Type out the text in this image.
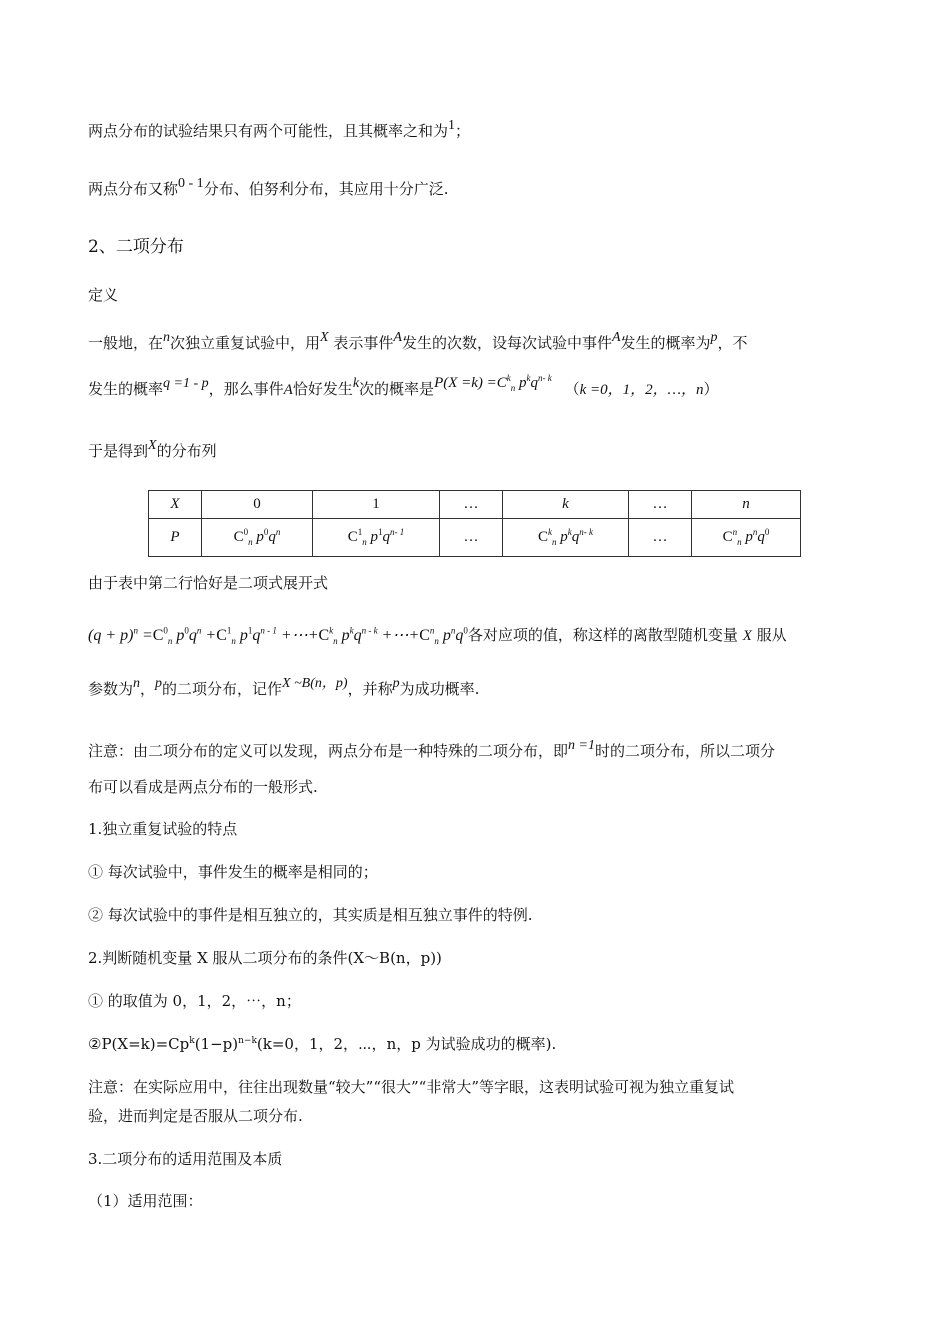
两点分布的试验结果只有两个可能性，且其概率之和为1；
两点分布又称0 - 1分布、伯努利分布，其应用十分广泛.
2、二项分布
定义
一般地，在n次独立重复试验中，用X 表示事件A发生的次数，设每次试验中事件A发生的概率为p，不
发生的概率q =1 - p，那么事件A恰好发生k次的概率是$P(X =k) =C^k_n$ $p^kq^{n- k}$ （k =0，1，2，…，n）
于是得到X的分布列
X	0	1	…	k	…	n
P	$C^0_n$ $p^0q^n$	$C^1_n$ $p^1q^{n- 1}$	…	$C^k_n$ $p^kq^{n- k}$	…	$C^n_n$ $p^nq^0$
由于表中第二行恰好是二项式展开式
$(q + p)^n =C^0_n$ $p^0q^n +C^1_n$ $p^1q^{n - 1}$ $+\cdots+C^k_n$ $p^kq^{n - k}$ $+\cdots+C^n_n$ $p^nq^0$各对应项的值，称这样的离散型随机变量 X 服从
参数为n，p的二项分布，记作X ~B(n，p)，并称p为成功概率.
注意：由二项分布的定义可以发现，两点分布是一种特殊的二项分布，即n =1时的二项分布，所以二项分
布可以看成是两点分布的一般形式.
1.独立重复试验的特点
① 每次试验中，事件发生的概率是相同的；
② 每次试验中的事件是相互独立的，其实质是相互独立事件的特例.
2.判断随机变量 X 服从二项分布的条件(X～B(n，p))
① 的取值为 0，1，2，⋯，n；
$②P(X=k)=Cp^k(1-p)^{n-k}(k=0$，1，2，⋯，n，p 为试验成功的概率).
注意：在实际应用中，往往出现数量“较大”“很大”“非常大”等字眼，这表明试验可视为独立重复试
验，进而判定是否服从二项分布.
3.二项分布的适用范围及本质
（1）适用范围：
